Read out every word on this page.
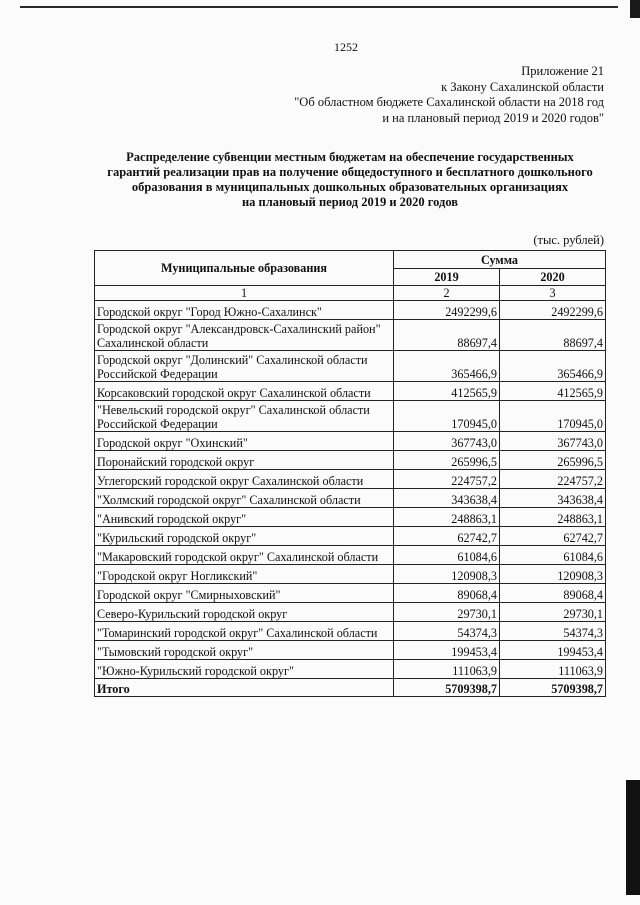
1252
Приложение 21
к Закону Сахалинской области
"Об областном бюджете Сахалинской области на 2018 год
и на плановый период 2019 и 2020 годов"
Распределение субвенции местным бюджетам на обеспечение государственных
гарантий реализации прав на получение общедоступного и бесплатного дошкольного
образования в муниципальных дошкольных образовательных организациях
на плановый период 2019 и 2020 годов
(тыс. рублей)
Муниципальные образования	Сумма	
	2019	2020
1	2	3
Городской округ "Город Южно-Сахалинск"	2492299,6	2492299,6
Городской округ "Александровск-Сахалинский район" Сахалинской области	88697,4	88697,4
Городской округ "Долинский" Сахалинской области Российской Федерации	365466,9	365466,9
Корсаковский городской округ Сахалинской области	412565,9	412565,9
"Невельский городской округ" Сахалинской области Российской Федерации	170945,0	170945,0
Городской округ "Охинский"	367743,0	367743,0
Поронайский городской округ	265996,5	265996,5
Углегорский городской округ Сахалинской области	224757,2	224757,2
"Холмский городской округ" Сахалинской области	343638,4	343638,4
"Анивский городской округ"	248863,1	248863,1
"Курильский городской округ"	62742,7	62742,7
"Макаровский городской округ" Сахалинской области	61084,6	61084,6
"Городской округ Ногликский"	120908,3	120908,3
Городской округ "Смирныховский"	89068,4	89068,4
Северо-Курильский городской округ	29730,1	29730,1
"Томаринский городской округ" Сахалинской области	54374,3	54374,3
"Тымовский городской округ"	199453,4	199453,4
"Южно-Курильский городской округ"	111063,9	111063,9
Итого	5709398,7	5709398,7
